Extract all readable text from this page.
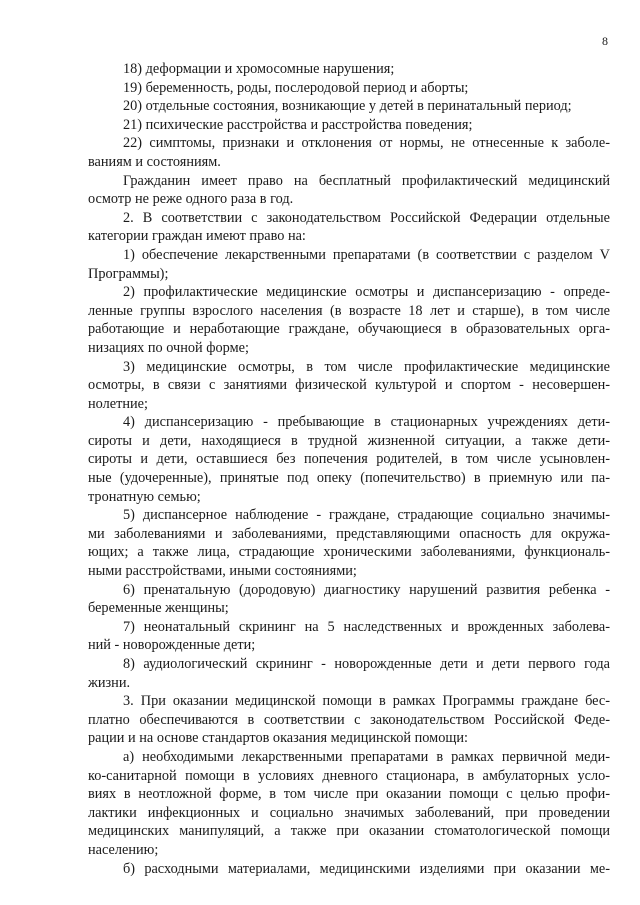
8
18) деформации и хромосомные нарушения;
19) беременность, роды, послеродовой период и аборты;
20) отдельные состояния, возникающие у детей в перинатальный период;
21) психические расстройства и расстройства поведения;
22) симптомы, признаки и отклонения от нормы, не отнесенные к заболе-
ваниям и состояниям.
Гражданин имеет право на бесплатный профилактический медицинский
осмотр не реже одного раза в год.
2. В соответствии с законодательством Российской Федерации отдельные
категории граждан имеют право на:
1) обеспечение лекарственными препаратами (в соответствии с разделом V
Программы);
2) профилактические медицинские осмотры и диспансеризацию - опреде-
ленные группы взрослого населения (в возрасте 18 лет и старше), в том числе
работающие и неработающие граждане, обучающиеся в образовательных орга-
низациях по очной форме;
3) медицинские осмотры, в том числе профилактические медицинские
осмотры, в связи с занятиями физической культурой и спортом - несовершен-
нолетние;
4) диспансеризацию - пребывающие в стационарных учреждениях дети-
сироты и дети, находящиеся в трудной жизненной ситуации, а также дети-
сироты и дети, оставшиеся без попечения родителей, в том числе усыновлен-
ные (удочеренные), принятые под опеку (попечительство) в приемную или па-
тронатную семью;
5) диспансерное наблюдение - граждане, страдающие социально значимы-
ми заболеваниями и заболеваниями, представляющими опасность для окружа-
ющих; а также лица, страдающие хроническими заболеваниями, функциональ-
ными расстройствами, иными состояниями;
6) пренатальную (дородовую) диагностику нарушений развития ребенка -
беременные женщины;
7) неонатальный скрининг на 5 наследственных и врожденных заболева-
ний - новорожденные дети;
8) аудиологический скрининг - новорожденные дети и дети первого года
жизни.
3. При оказании медицинской помощи в рамках Программы граждане бес-
платно обеспечиваются в соответствии с законодательством Российской Феде-
рации и на основе стандартов оказания медицинской помощи:
а) необходимыми лекарственными препаратами в рамках первичной меди-
ко-санитарной помощи в условиях дневного стационара, в амбулаторных усло-
виях в неотложной форме, в том числе при оказании помощи с целью профи-
лактики инфекционных и социально значимых заболеваний, при проведении
медицинских манипуляций, а также при оказании стоматологической помощи
населению;
б) расходными материалами, медицинскими изделиями при оказании ме-
